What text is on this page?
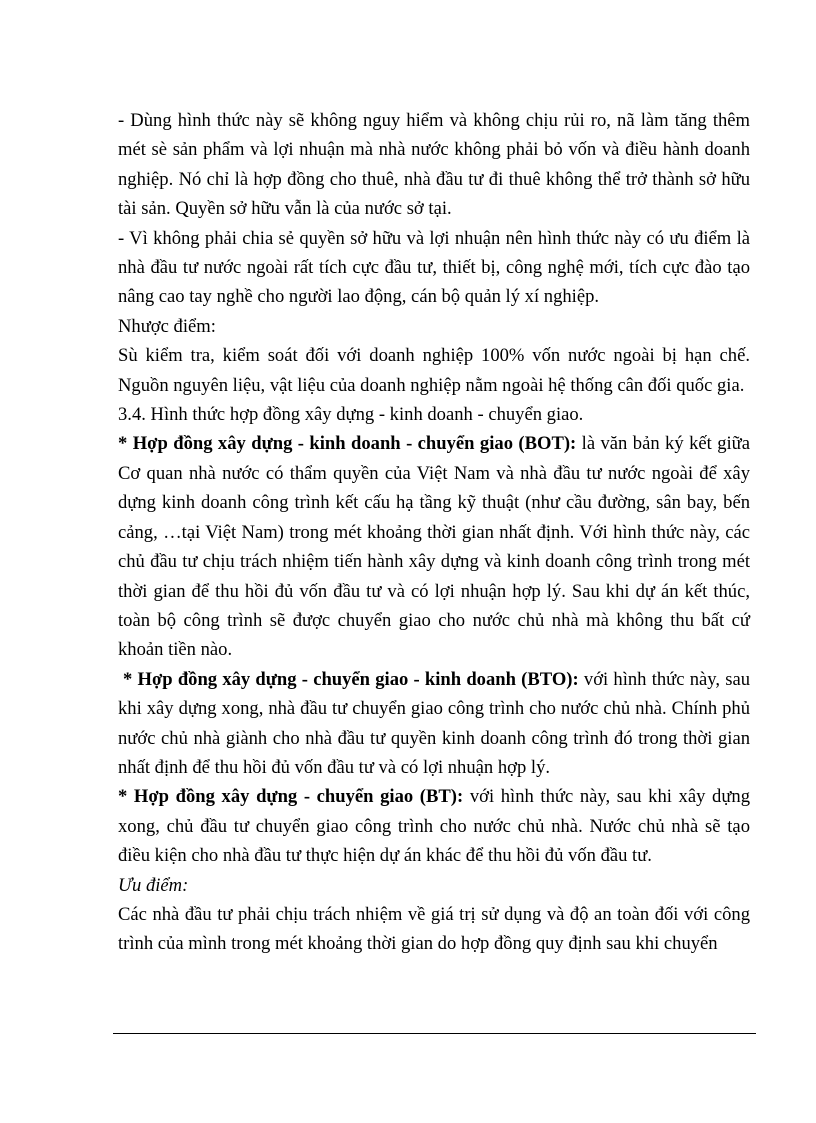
- Dùng hình thức này sẽ không nguy hiểm và không chịu rủi ro, nã làm tăng thêm mét sè sản phẩm và lợi nhuận mà nhà nước không phải bỏ vốn và điều hành doanh nghiệp. Nó chỉ là hợp đồng cho thuê, nhà đầu tư đi thuê không thể trở thành sở hữu tài sản. Quyền sở hữu vẫn là của nước sở tại.

- Vì không phải chia sẻ quyền sở hữu và lợi nhuận nên hình thức này có ưu điểm là nhà đầu tư nước ngoài rất tích cực đầu tư, thiết bị, công nghệ mới, tích cực đào tạo nâng cao tay nghề cho người lao động, cán bộ quản lý xí nghiệp.

Nhược điểm:

Sù kiểm tra, kiểm soát đối với doanh nghiệp 100% vốn nước ngoài bị hạn chế. Nguồn nguyên liệu, vật liệu của doanh nghiệp nằm ngoài hệ thống cân đối quốc gia.

3.4. Hình thức hợp đồng xây dựng - kinh doanh - chuyển giao.

* Hợp đồng xây dựng - kinh doanh - chuyển giao (BOT): là văn bản ký kết giữa Cơ quan nhà nước có thẩm quyền của Việt Nam và nhà đầu tư nước ngoài để xây dựng kinh doanh công trình kết cấu hạ tầng kỹ thuật (như cầu đường, sân bay, bến cảng, …tại Việt Nam) trong mét khoảng thời gian nhất định. Với hình thức này, các chủ đầu tư chịu trách nhiệm tiến hành xây dựng và kinh doanh công trình trong mét thời gian để thu hồi đủ vốn đầu tư và có lợi nhuận hợp lý. Sau khi dự án kết thúc, toàn bộ công trình sẽ được chuyển giao cho nước chủ nhà mà không thu bất cứ khoản tiền nào.

* Hợp đồng xây dựng - chuyển giao - kinh doanh (BTO): với hình thức này, sau khi xây dựng xong, nhà đầu tư chuyển giao công trình cho nước chủ nhà. Chính phủ nước chủ nhà giành cho nhà đầu tư quyền kinh doanh công trình đó trong thời gian nhất định để thu hồi đủ vốn đầu tư và có lợi nhuận hợp lý.

* Hợp đồng xây dựng - chuyển giao (BT): với hình thức này, sau khi xây dựng xong, chủ đầu tư chuyển giao công trình cho nước chủ nhà. Nước chủ nhà sẽ tạo điều kiện cho nhà đầu tư thực hiện dự án khác để thu hồi đủ vốn đầu tư.

Ưu điểm:

Các nhà đầu tư phải chịu trách nhiệm về giá trị sử dụng và độ an toàn đối với công trình của mình trong mét khoảng thời gian do hợp đồng quy định sau khi chuyển
